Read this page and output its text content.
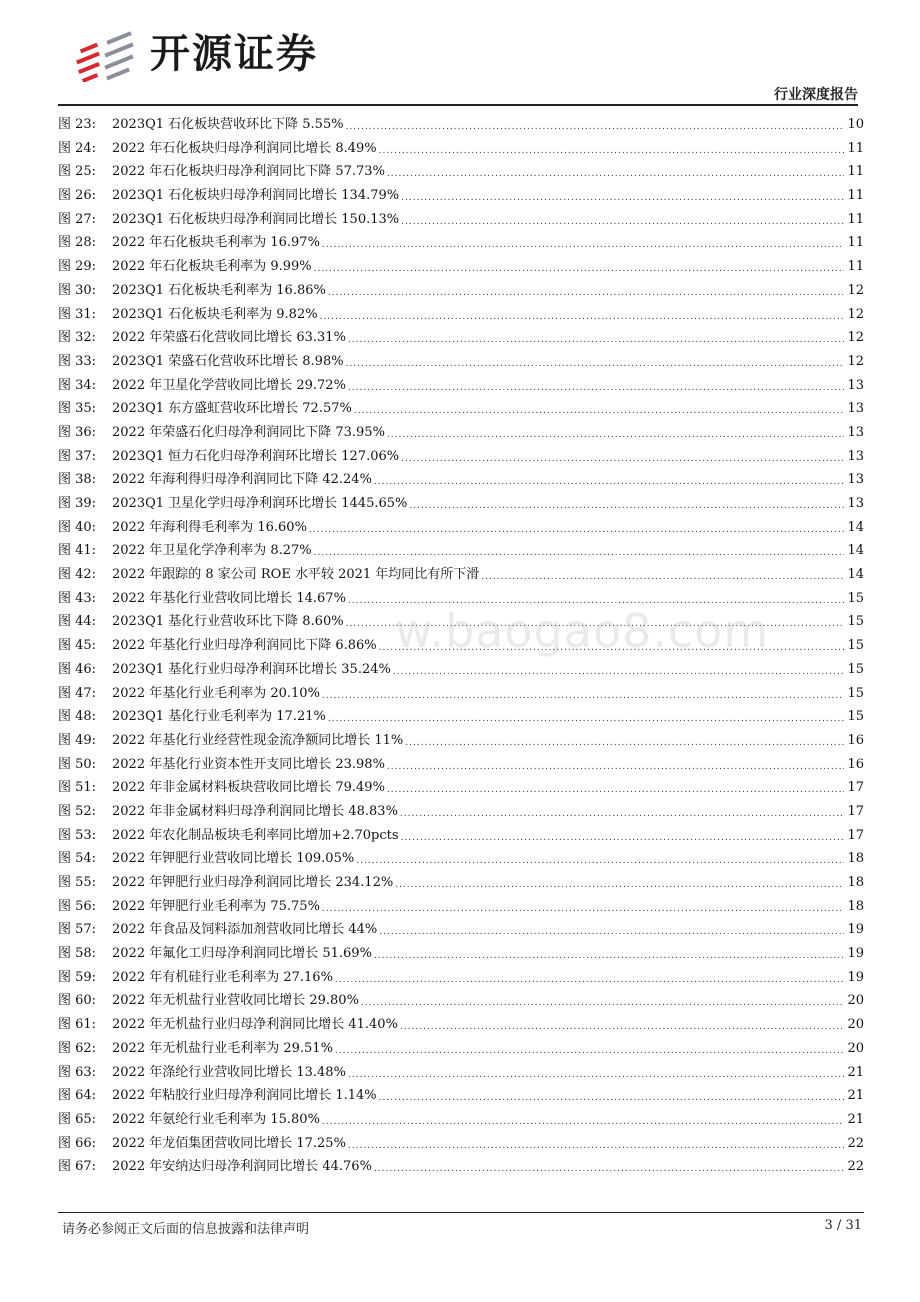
开源证券
行业深度报告
图 23:	2023Q1 石化板块营收环比下降 5.55% .....	10
图 24:	2022 年石化板块归母净利润同比增长 8.49% .....	11
图 25:	2022 年石化板块归母净利润同比下降 57.73% .....	11
图 26:	2023Q1 石化板块归母净利润同比增长 134.79% .....	11
图 27:	2023Q1 石化板块归母净利润同比增长 150.13% .....	11
图 28:	2022 年石化板块毛利率为 16.97% .....	11
图 29:	2022 年石化板块毛利率为 9.99% .....	11
图 30:	2023Q1 石化板块毛利率为 16.86% .....	12
图 31:	2023Q1 石化板块毛利率为 9.82% .....	12
图 32:	2022 年荣盛石化营收同比增长 63.31% .....	12
图 33:	2023Q1 荣盛石化营收环比增长 8.98% .....	12
图 34:	2022 年卫星化学营收同比增长 29.72% .....	13
图 35:	2023Q1 东方盛虹营收环比增长 72.57% .....	13
图 36:	2022 年荣盛石化归母净利润同比下降 73.95% .....	13
图 37:	2023Q1 恒力石化归母净利润环比增长 127.06% .....	13
图 38:	2022 年海利得归母净利润同比下降 42.24% .....	13
图 39:	2023Q1 卫星化学归母净利润环比增长 1445.65% .....	13
图 40:	2022 年海利得毛利率为 16.60% .....	14
图 41:	2022 年卫星化学净利率为 8.27% .....	14
图 42:	2022 年跟踪的 8 家公司 ROE 水平较 2021 年均同比有所下滑 .....	14
图 43:	2022 年基化行业营收同比增长 14.67% .....	15
图 44:	2023Q1 基化行业营收环比下降 8.60% .....	15
图 45:	2022 年基化行业归母净利润同比下降 6.86% .....	15
图 46:	2023Q1 基化行业归母净利润环比增长 35.24% .....	15
图 47:	2022 年基化行业毛利率为 20.10% .....	15
图 48:	2023Q1 基化行业毛利率为 17.21% .....	15
图 49:	2022 年基化行业经营性现金流净额同比增长 11% .....	16
图 50:	2022 年基化行业资本性开支同比增长 23.98% .....	16
图 51:	2022 年非金属材料板块营收同比增长 79.49% .....	17
图 52:	2022 年非金属材料归母净利润同比增长 48.83% .....	17
图 53:	2022 年农化制品板块毛利率同比增加+2.70pcts .....	17
图 54:	2022 年钾肥行业营收同比增长 109.05% .....	18
图 55:	2022 年钾肥行业归母净利润同比增长 234.12% .....	18
图 56:	2022 年钾肥行业毛利率为 75.75% .....	18
图 57:	2022 年食品及饲料添加剂营收同比增长 44% .....	19
图 58:	2022 年氟化工归母净利润同比增长 51.69% .....	19
图 59:	2022 年有机硅行业毛利率为 27.16% .....	19
图 60:	2022 年无机盐行业营收同比增长 29.80% .....	20
图 61:	2022 年无机盐行业归母净利润同比增长 41.40% .....	20
图 62:	2022 年无机盐行业毛利率为 29.51% .....	20
图 63:	2022 年涤纶行业营收同比增长 13.48% .....	21
图 64:	2022 年粘胶行业归母净利润同比增长 1.14% .....	21
图 65:	2022 年氨纶行业毛利率为 15.80% .....	21
图 66:	2022 年龙佰集团营收同比增长 17.25% .....	22
图 67:	2022 年安纳达归母净利润同比增长 44.76% .....	22
w.baogao8.com
请务必参阅正文后面的信息披露和法律声明	3 / 31
